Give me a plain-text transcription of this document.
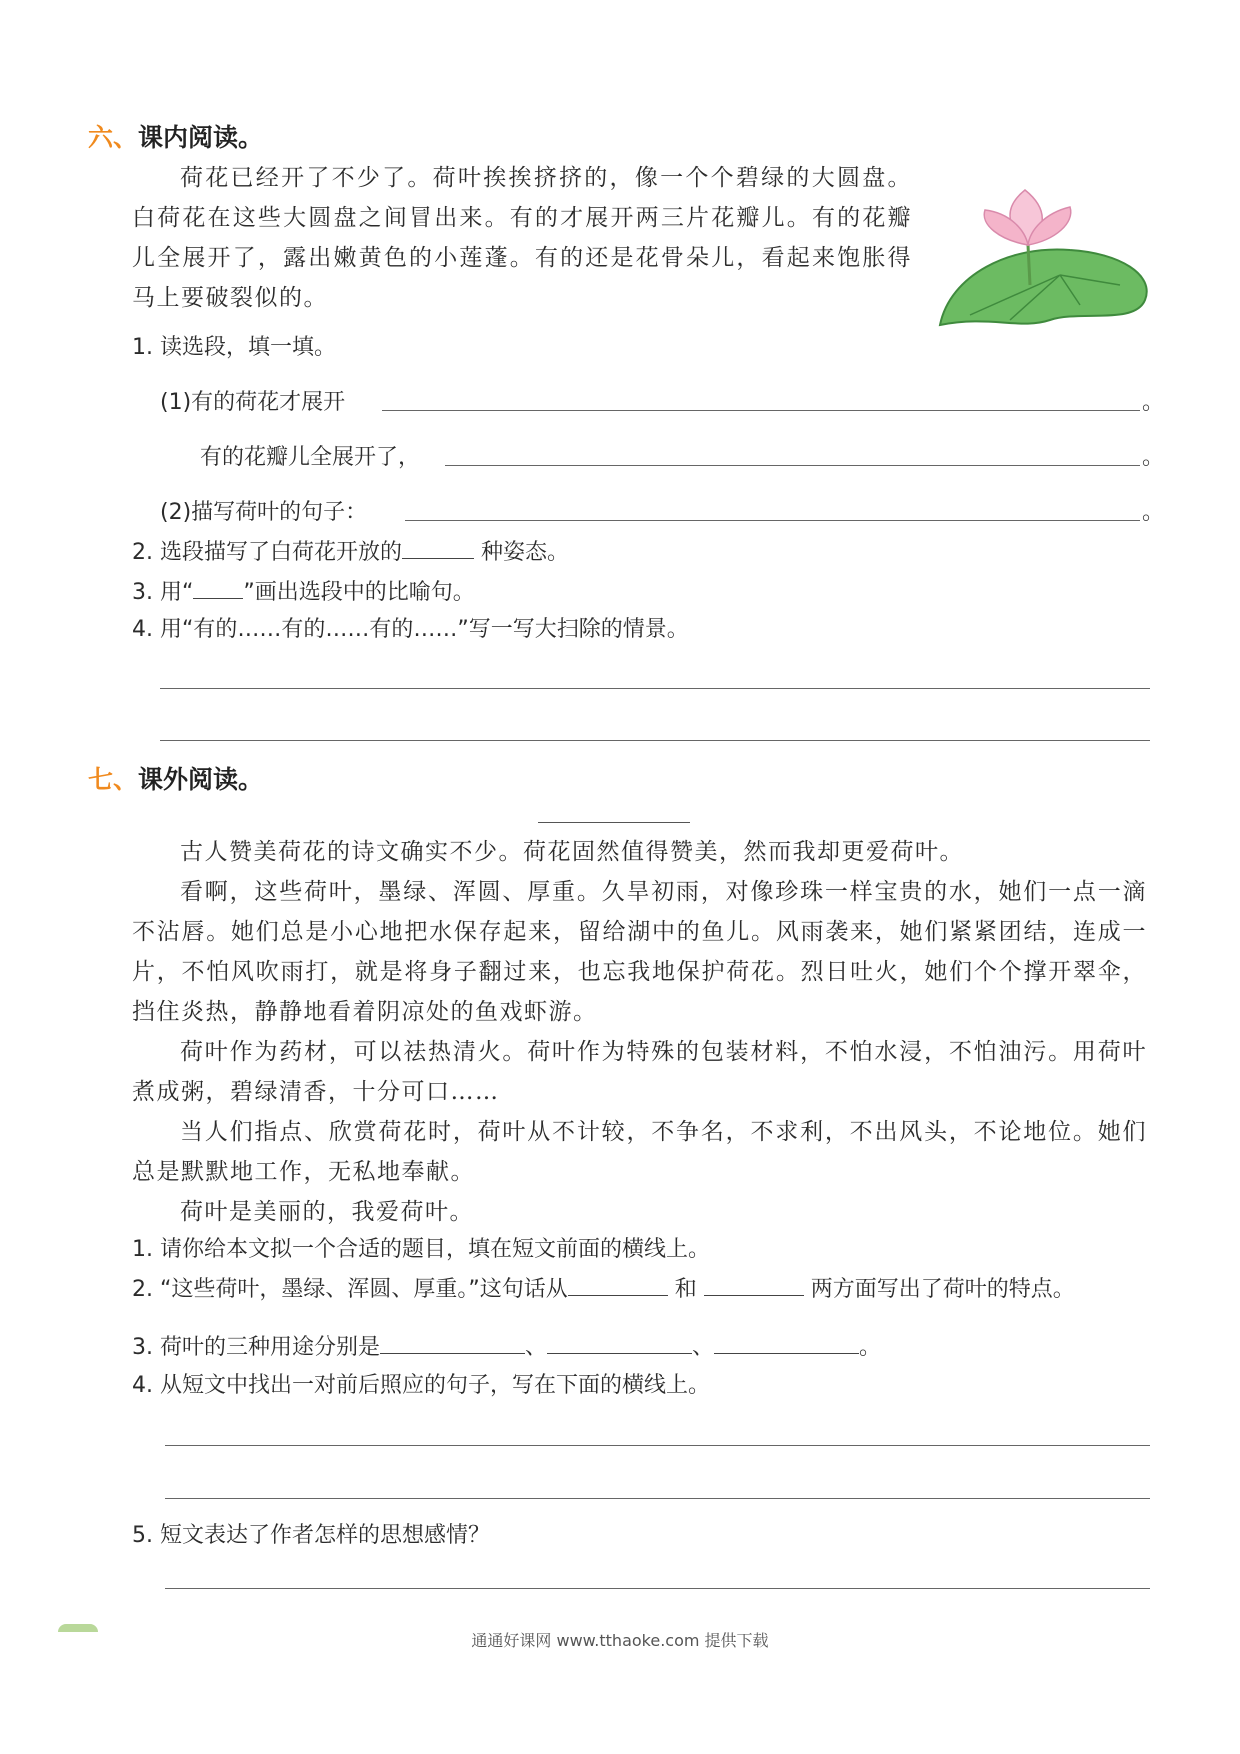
六、课内阅读。

荷花已经开了不少了。荷叶挨挨挤挤的，像一个个碧绿的大圆盘。白荷花在这些大圆盘之间冒出来。有的才展开两三片花瓣儿。有的花瓣儿全展开了，露出嫩黄色的小莲蓬。有的还是花骨朵儿，看起来饱胀得马上要破裂似的。

1. 读选段，填一填。
(1)有的荷花才展开	。
有的花瓣儿全展开了，	。
(2)描写荷叶的句子：	。
2. 选段描写了白荷花开放的	种姿态。
3. 用“ ”画出选段中的比喻句。
4. 用“有的……有的……有的……”写一写大扫除的情景。
七、课外阅读。

古人赞美荷花的诗文确实不少。荷花固然值得赞美，然而我却更爱荷叶。

看啊，这些荷叶，墨绿、浑圆、厚重。久旱初雨，对像珍珠一样宝贵的水，她们一点一滴不沾唇。她们总是小心地把水保存起来，留给湖中的鱼儿。风雨袭来，她们紧紧团结，连成一片，不怕风吹雨打，就是将身子翻过来，也忘我地保护荷花。烈日吐火，她们个个撑开翠伞，挡住炎热，静静地看着阴凉处的鱼戏虾游。

荷叶作为药材，可以祛热清火。荷叶作为特殊的包装材料，不怕水浸，不怕油污。用荷叶煮成粥，碧绿清香，十分可口……

当人们指点、欣赏荷花时，荷叶从不计较，不争名，不求利，不出风头，不论地位。她们总是默默地工作，无私地奉献。

荷叶是美丽的，我爱荷叶。

1. 请你给本文拟一个合适的题目，填在短文前面的横线上。
2. “这些荷叶，墨绿、浑圆、厚重。”这句话从	和	两方面写出了荷叶的特点。
3. 荷叶的三种用途分别是	、	、	。
4. 从短文中找出一对前后照应的句子，写在下面的横线上。
5. 短文表达了作者怎样的思想感情？
通通好课网 www.tthaoke.com 提供下载
